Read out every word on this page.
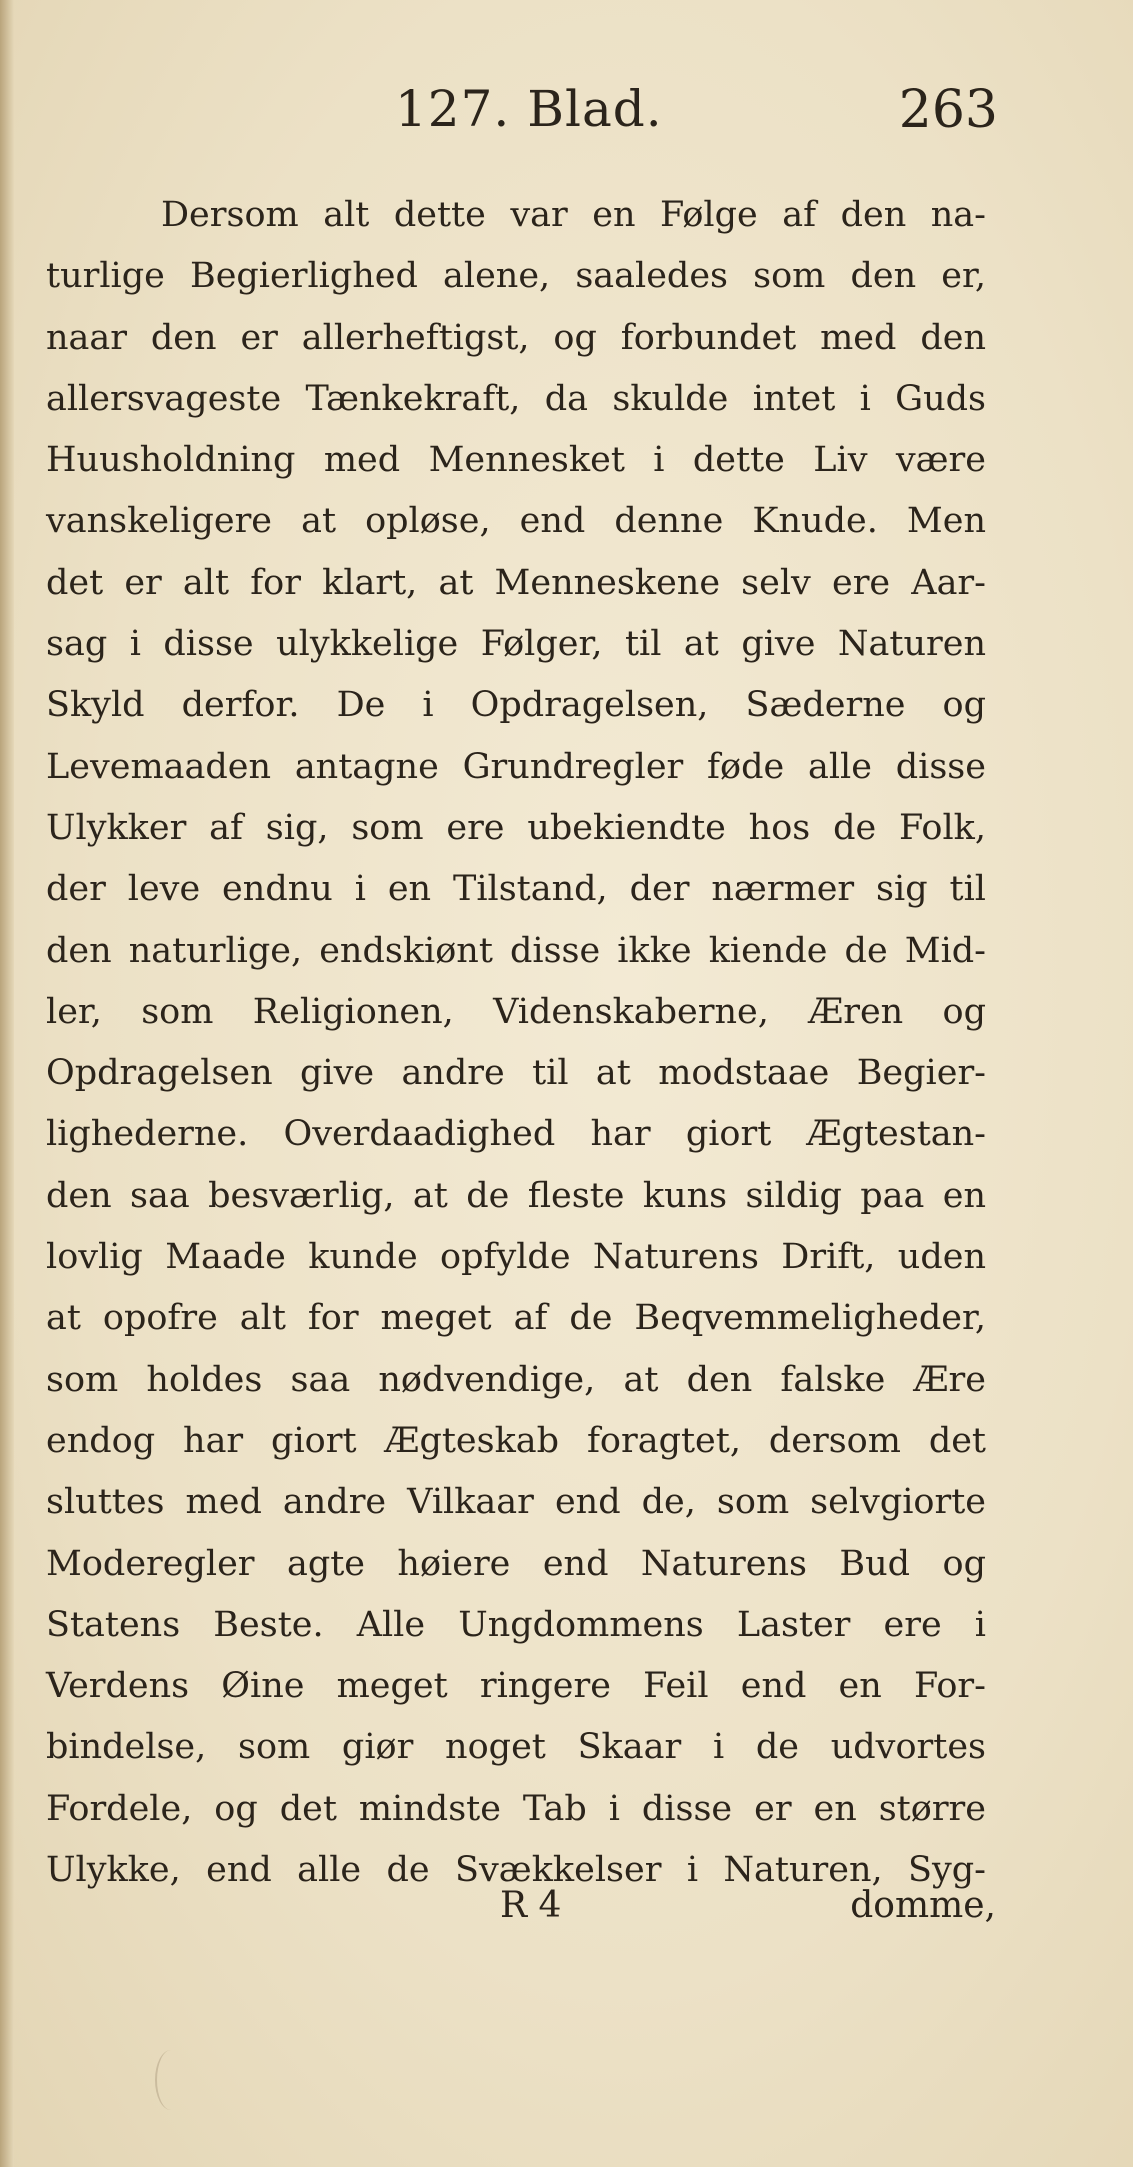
127. Blad.	263
Dersom alt dette var en Følge af den na-
turlige Begierlighed alene, saaledes som den er,
naar den er allerheftigst, og forbundet med den
allersvageste Tænkekraft, da skulde intet i Guds
Huusholdning med Mennesket i dette Liv være
vanskeligere at opløse, end denne Knude. Men
det er alt for klart, at Menneskene selv ere Aar-
sag i disse ulykkelige Følger, til at give Naturen
Skyld derfor. De i Opdragelsen, Sæderne og
Levemaaden antagne Grundregler føde alle disse
Ulykker af sig, som ere ubekiendte hos de Folk,
der leve endnu i en Tilstand, der nærmer sig til
den naturlige, endskiønt disse ikke kiende de Mid-
ler, som Religionen, Videnskaberne, Æren og
Opdragelsen give andre til at modstaae Begier-
lighederne. Overdaadighed har giort Ægtestan-
den saa besværlig, at de fleste kuns sildig paa en
lovlig Maade kunde opfylde Naturens Drift, uden
at opofre alt for meget af de Beqvemmeligheder,
som holdes saa nødvendige, at den falske Ære
endog har giort Ægteskab foragtet, dersom det
sluttes med andre Vilkaar end de, som selvgiorte
Moderegler agte høiere end Naturens Bud og
Statens Beste. Alle Ungdommens Laster ere i
Verdens Øine meget ringere Feil end en For-
bindelse, som giør noget Skaar i de udvortes
Fordele, og det mindste Tab i disse er en større
Ulykke, end alle de Svækkelser i Naturen, Syg-
R 4	domme,
